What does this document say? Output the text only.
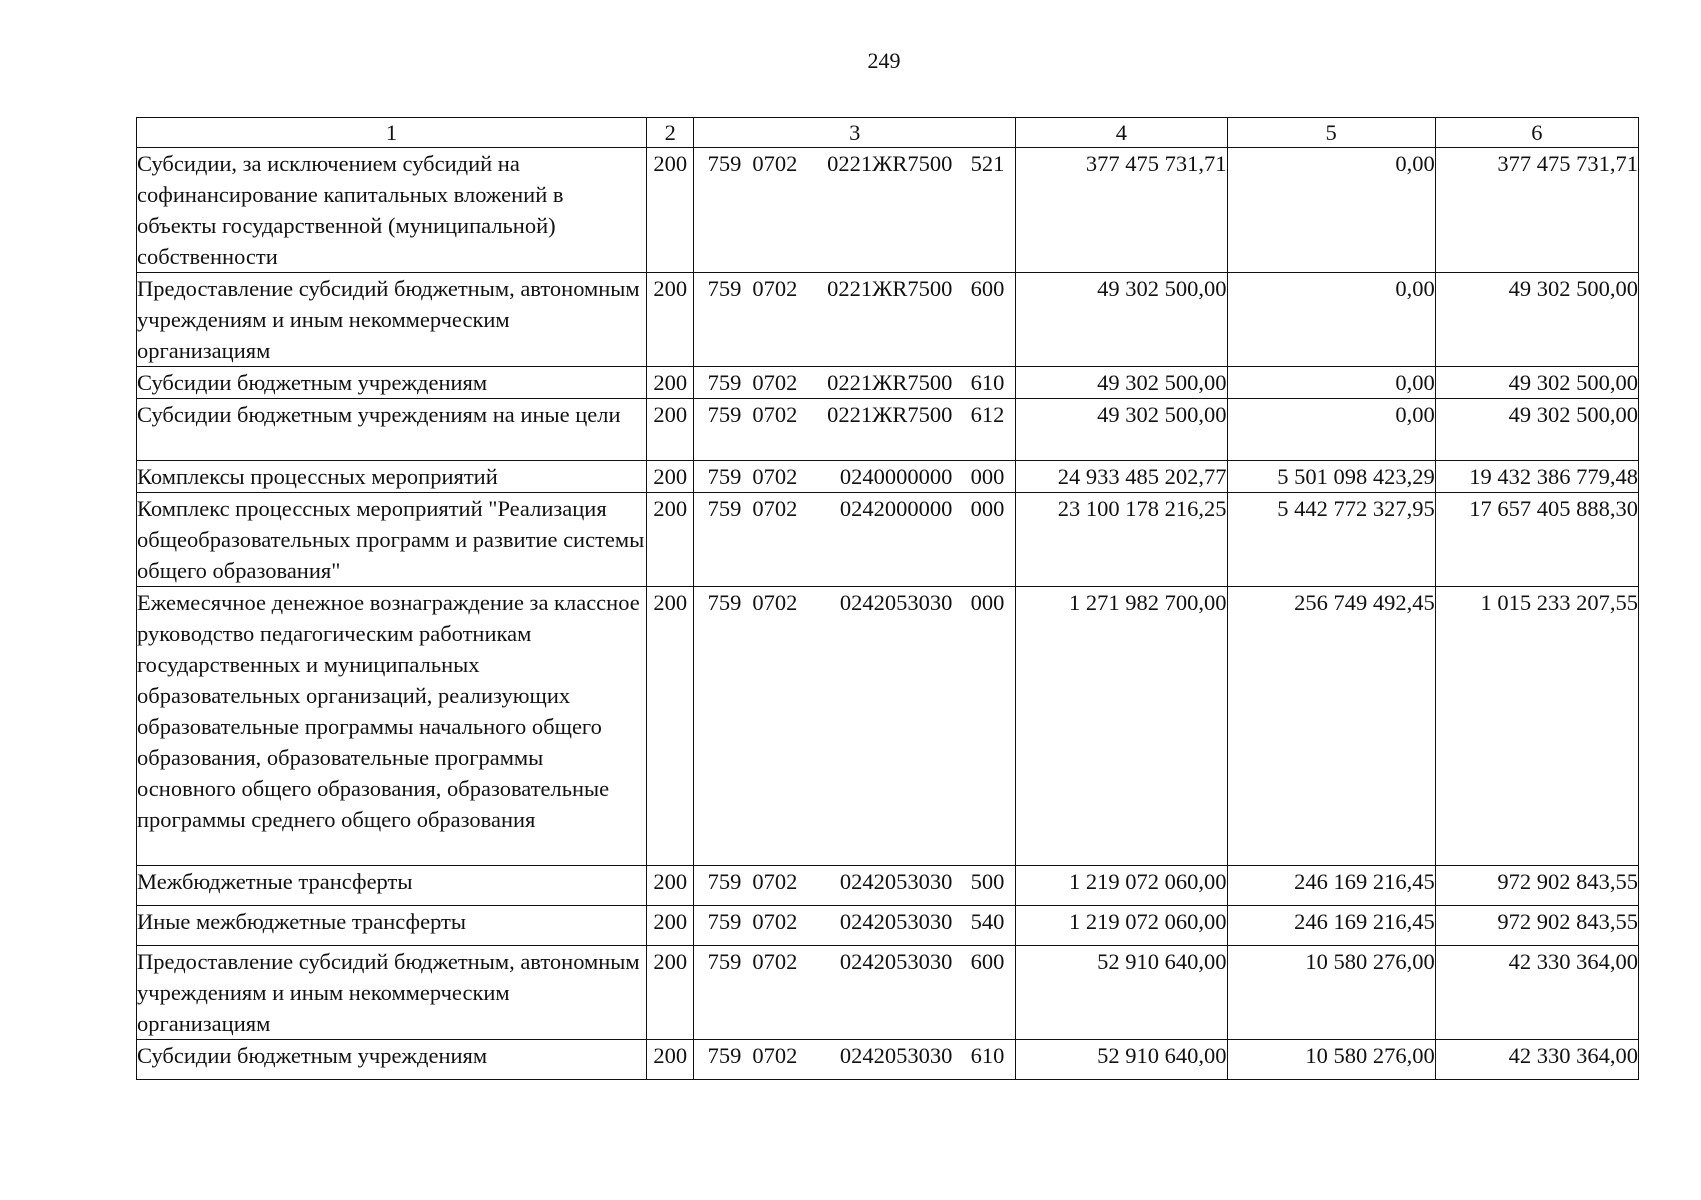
249
1	2	3	4	5	6
Субсидии, за исключением субсидий на софинансирование капитальных вложений в объекты государственной (муниципальной) собственности	200	759 0702 0221ЖR7500 521	377 475 731,71	0,00	377 475 731,71
Предоставление субсидий бюджетным, автономным учреждениям и иным некоммерческим организациям	200	759 0702 0221ЖR7500 600	49 302 500,00	0,00	49 302 500,00
Субсидии бюджетным учреждениям	200	759 0702 0221ЖR7500 610	49 302 500,00	0,00	49 302 500,00
Субсидии бюджетным учреждениям на иные цели	200	759 0702 0221ЖR7500 612	49 302 500,00	0,00	49 302 500,00
Комплексы процессных мероприятий	200	759 0702 0240000000 000	24 933 485 202,77	5 501 098 423,29	19 432 386 779,48
Комплекс процессных мероприятий "Реализация общеобразовательных программ и развитие системы общего образования"	200	759 0702 0242000000 000	23 100 178 216,25	5 442 772 327,95	17 657 405 888,30
Ежемесячное денежное вознаграждение за классное руководство педагогическим работникам государственных и муниципальных образовательных организаций, реализующих образовательные программы начального общего образования, образовательные программы основного общего образования, образовательные программы среднего общего образования	200	759 0702 0242053030 000	1 271 982 700,00	256 749 492,45	1 015 233 207,55
Межбюджетные трансферты	200	759 0702 0242053030 500	1 219 072 060,00	246 169 216,45	972 902 843,55
Иные межбюджетные трансферты	200	759 0702 0242053030 540	1 219 072 060,00	246 169 216,45	972 902 843,55
Предоставление субсидий бюджетным, автономным учреждениям и иным некоммерческим организациям	200	759 0702 0242053030 600	52 910 640,00	10 580 276,00	42 330 364,00
Субсидии бюджетным учреждениям	200	759 0702 0242053030 610	52 910 640,00	10 580 276,00	42 330 364,00
